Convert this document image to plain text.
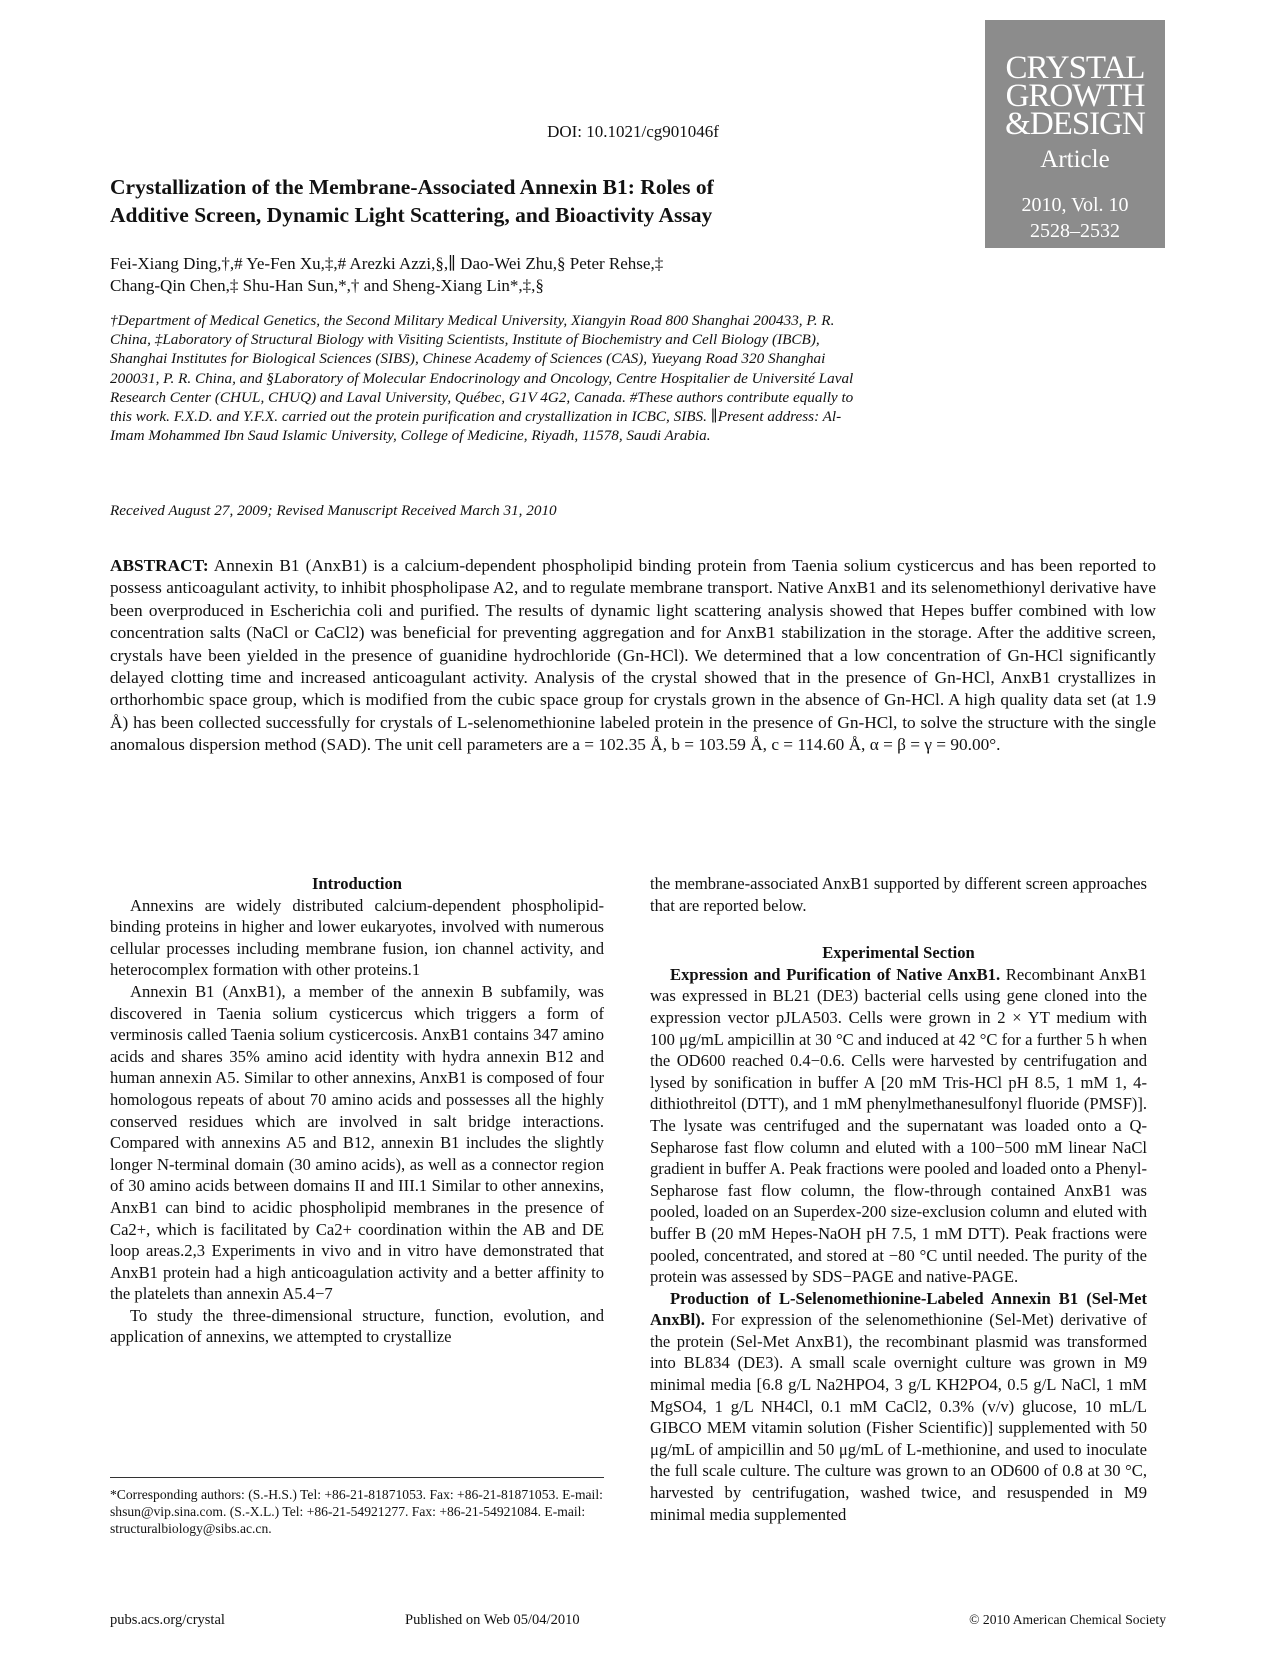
CRYSTAL
GROWTH
&DESIGN
Article
2010, Vol. 10
2528–2532
DOI: 10.1021/cg901046f
Crystallization of the Membrane-Associated Annexin B1: Roles of
Additive Screen, Dynamic Light Scattering, and Bioactivity Assay
Fei-Xiang Ding,†,# Ye-Fen Xu,‡,# Arezki Azzi,§,∥ Dao-Wei Zhu,§ Peter Rehse,‡
Chang-Qin Chen,‡ Shu-Han Sun,*,† and Sheng-Xiang Lin*,‡,§
†Department of Medical Genetics, the Second Military Medical University, Xiangyin Road 800 Shanghai 200433, P. R. China, ‡Laboratory of Structural Biology with Visiting Scientists, Institute of Biochemistry and Cell Biology (IBCB), Shanghai Institutes for Biological Sciences (SIBS), Chinese Academy of Sciences (CAS), Yueyang Road 320 Shanghai 200031, P. R. China, and §Laboratory of Molecular Endocrinology and Oncology, Centre Hospitalier de Université Laval Research Center (CHUL, CHUQ) and Laval University, Québec, G1V 4G2, Canada. #These authors contribute equally to this work. F.X.D. and Y.F.X. carried out the protein purification and crystallization in ICBC, SIBS. ∥Present address: Al-Imam Mohammed Ibn Saud Islamic University, College of Medicine, Riyadh, 11578, Saudi Arabia.
Received August 27, 2009; Revised Manuscript Received March 31, 2010
ABSTRACT: Annexin B1 (AnxB1) is a calcium-dependent phospholipid binding protein from Taenia solium cysticercus and has been reported to possess anticoagulant activity, to inhibit phospholipase A2, and to regulate membrane transport. Native AnxB1 and its selenomethionyl derivative have been overproduced in Escherichia coli and purified. The results of dynamic light scattering analysis showed that Hepes buffer combined with low concentration salts (NaCl or CaCl2) was beneficial for preventing aggregation and for AnxB1 stabilization in the storage. After the additive screen, crystals have been yielded in the presence of guanidine hydrochloride (Gn-HCl). We determined that a low concentration of Gn-HCl significantly delayed clotting time and increased anticoagulant activity. Analysis of the crystal showed that in the presence of Gn-HCl, AnxB1 crystallizes in orthorhombic space group, which is modified from the cubic space group for crystals grown in the absence of Gn-HCl. A high quality data set (at 1.9 Å) has been collected successfully for crystals of L-selenomethionine labeled protein in the presence of Gn-HCl, to solve the structure with the single anomalous dispersion method (SAD). The unit cell parameters are a = 102.35 Å, b = 103.59 Å, c = 114.60 Å, α = β = γ = 90.00°.

Introduction

Annexins are widely distributed calcium-dependent phospholipid-binding proteins in higher and lower eukaryotes, involved with numerous cellular processes including membrane fusion, ion channel activity, and heterocomplex formation with other proteins.1

Annexin B1 (AnxB1), a member of the annexin B subfamily, was discovered in Taenia solium cysticercus which triggers a form of verminosis called Taenia solium cysticercosis. AnxB1 contains 347 amino acids and shares 35% amino acid identity with hydra annexin B12 and human annexin A5. Similar to other annexins, AnxB1 is composed of four homologous repeats of about 70 amino acids and possesses all the highly conserved residues which are involved in salt bridge interactions. Compared with annexins A5 and B12, annexin B1 includes the slightly longer N-terminal domain (30 amino acids), as well as a connector region of 30 amino acids between domains II and III.1 Similar to other annexins, AnxB1 can bind to acidic phospholipid membranes in the presence of Ca2+, which is facilitated by Ca2+ coordination within the AB and DE loop areas.2,3 Experiments in vivo and in vitro have demonstrated that AnxB1 protein had a high anticoagulation activity and a better affinity to the platelets than annexin A5.4−7

To study the three-dimensional structure, function, evolution, and application of annexins, we attempted to crystallize

the membrane-associated AnxB1 supported by different screen approaches that are reported below.

Experimental Section

Expression and Purification of Native AnxB1. Recombinant AnxB1 was expressed in BL21 (DE3) bacterial cells using gene cloned into the expression vector pJLA503. Cells were grown in 2 × YT medium with 100 μg/mL ampicillin at 30 °C and induced at 42 °C for a further 5 h when the OD600 reached 0.4−0.6. Cells were harvested by centrifugation and lysed by sonification in buffer A [20 mM Tris-HCl pH 8.5, 1 mM 1, 4-dithiothreitol (DTT), and 1 mM phenylmethanesulfonyl fluoride (PMSF)]. The lysate was centrifuged and the supernatant was loaded onto a Q-Sepharose fast flow column and eluted with a 100−500 mM linear NaCl gradient in buffer A. Peak fractions were pooled and loaded onto a Phenyl-Sepharose fast flow column, the flow-through contained AnxB1 was pooled, loaded on an Superdex-200 size-exclusion column and eluted with buffer B (20 mM Hepes-NaOH pH 7.5, 1 mM DTT). Peak fractions were pooled, concentrated, and stored at −80 °C until needed. The purity of the protein was assessed by SDS−PAGE and native-PAGE.

Production of L-Selenomethionine-Labeled Annexin B1 (Sel-Met AnxBl). For expression of the selenomethionine (Sel-Met) derivative of the protein (Sel-Met AnxB1), the recombinant plasmid was transformed into BL834 (DE3). A small scale overnight culture was grown in M9 minimal media [6.8 g/L Na2HPO4, 3 g/L KH2PO4, 0.5 g/L NaCl, 1 mM MgSO4, 1 g/L NH4Cl, 0.1 mM CaCl2, 0.3% (v/v) glucose, 10 mL/L GIBCO MEM vitamin solution (Fisher Scientific)] supplemented with 50 μg/mL of ampicillin and 50 μg/mL of L-methionine, and used to inoculate the full scale culture. The culture was grown to an OD600 of 0.8 at 30 °C, harvested by centrifugation, washed twice, and resuspended in M9 minimal media supplemented

*Corresponding authors: (S.-H.S.) Tel: +86-21-81871053. Fax: +86-21-81871053. E-mail: shsun@vip.sina.com. (S.-X.L.) Tel: +86-21-54921277. Fax: +86-21-54921084. E-mail: structuralbiology@sibs.ac.cn.
pubs.acs.org/crystal	Published on Web 05/04/2010	© 2010 American Chemical Society
